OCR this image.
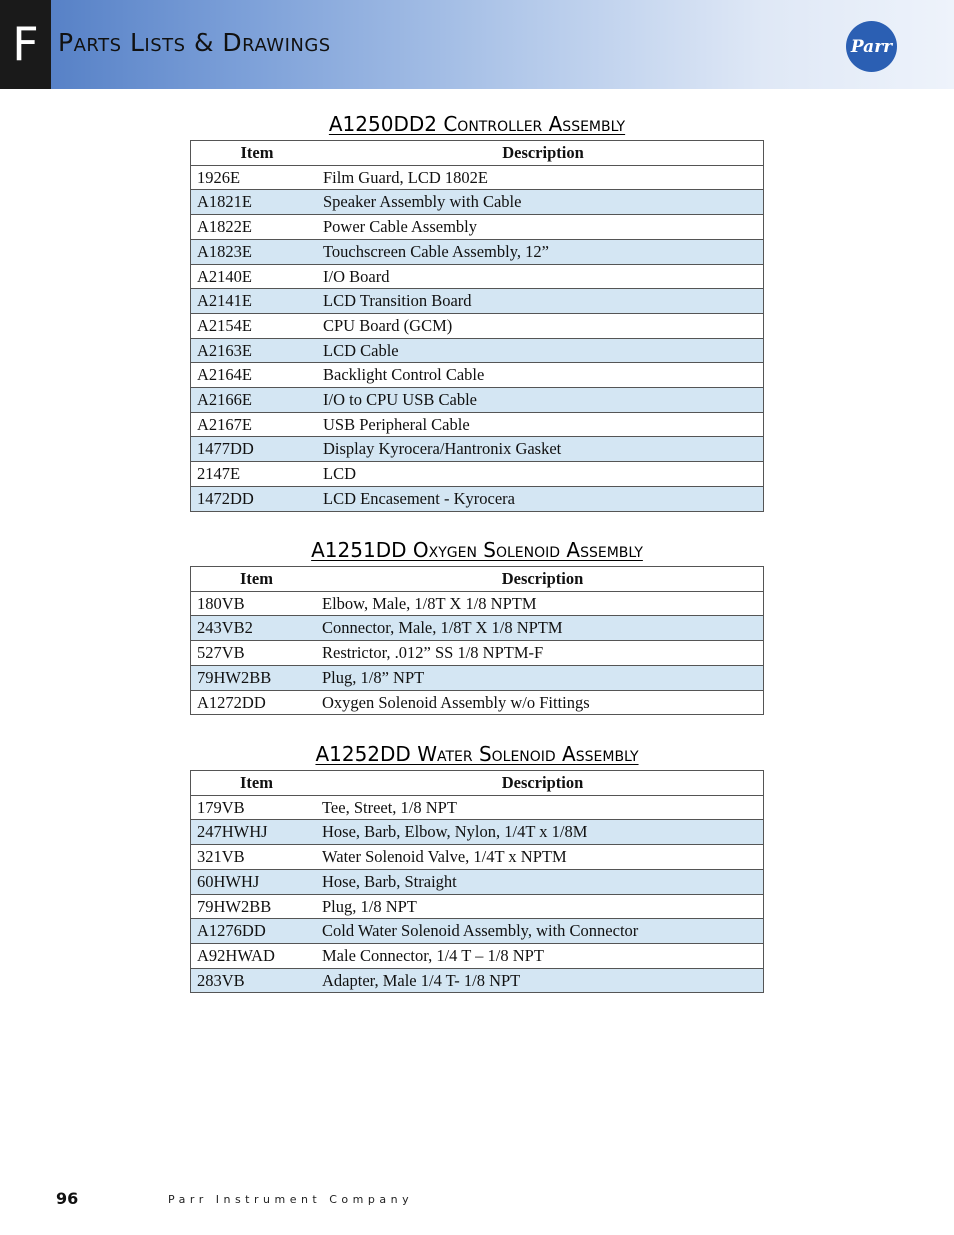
F Parts Lists & Drawings	Parr
A1250DD2 Controller Assembly
Item	Description
1926E	Film Guard, LCD 1802E
A1821E	Speaker Assembly with Cable
A1822E	Power Cable Assembly
A1823E	Touchscreen Cable Assembly, 12”
A2140E	I/O Board
A2141E	LCD Transition Board
A2154E	CPU Board (GCM)
A2163E	LCD Cable
A2164E	Backlight Control Cable
A2166E	I/O to CPU USB Cable
A2167E	USB Peripheral Cable
1477DD	Display Kyrocera/Hantronix Gasket
2147E	LCD
1472DD	LCD Encasement - Kyrocera
A1251DD Oxygen Solenoid Assembly
Item	Description
180VB	Elbow, Male, 1/8T X 1/8 NPTM
243VB2	Connector, Male, 1/8T X 1/8 NPTM
527VB	Restrictor, .012” SS 1/8 NPTM-F
79HW2BB	Plug, 1/8” NPT
A1272DD	Oxygen Solenoid Assembly w/o Fittings
A1252DD Water Solenoid Assembly
Item	Description
179VB	Tee, Street, 1/8 NPT
247HWHJ	Hose, Barb, Elbow, Nylon, 1/4T x 1/8M
321VB	Water Solenoid Valve, 1/4T x NPTM
60HWHJ	Hose, Barb, Straight
79HW2BB	Plug, 1/8 NPT
A1276DD	Cold Water Solenoid Assembly, with Connector
A92HWAD	Male Connector, 1/4 T – 1/8 NPT
283VB	Adapter, Male 1/4 T- 1/8 NPT
96	Parr Instrument Company
